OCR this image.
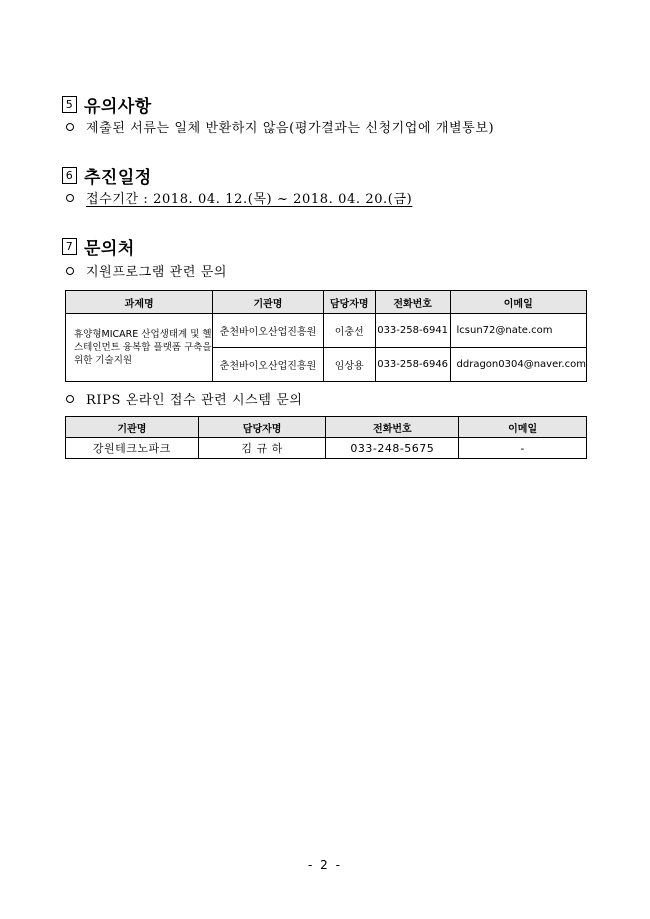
5 유의사항
제출된 서류는 일체 반환하지 않음(평가결과는 신청기업에 개별통보)
6 추진일정
접수기간 : 2018. 04. 12.(목) ~ 2018. 04. 20.(금)
7 문의처
지원프로그램 관련 문의
과제명	기관명	담당자명	전화번호	이메일
휴양형MICARE 산업생태계 및 헬스테인먼트 융복합 플랫폼 구축을 위한 기술지원	춘천바이오산업진흥원	이충선	033-258-6941	lcsun72@nate.com
	춘천바이오산업진흥원	임상용	033-258-6946	ddragon0304@naver.com
RIPS 온라인 접수 관련 시스템 문의
기관명	담당자명	전화번호	이메일
강원테크노파크	김 규 하	033-248-5675	-
- 2 -
